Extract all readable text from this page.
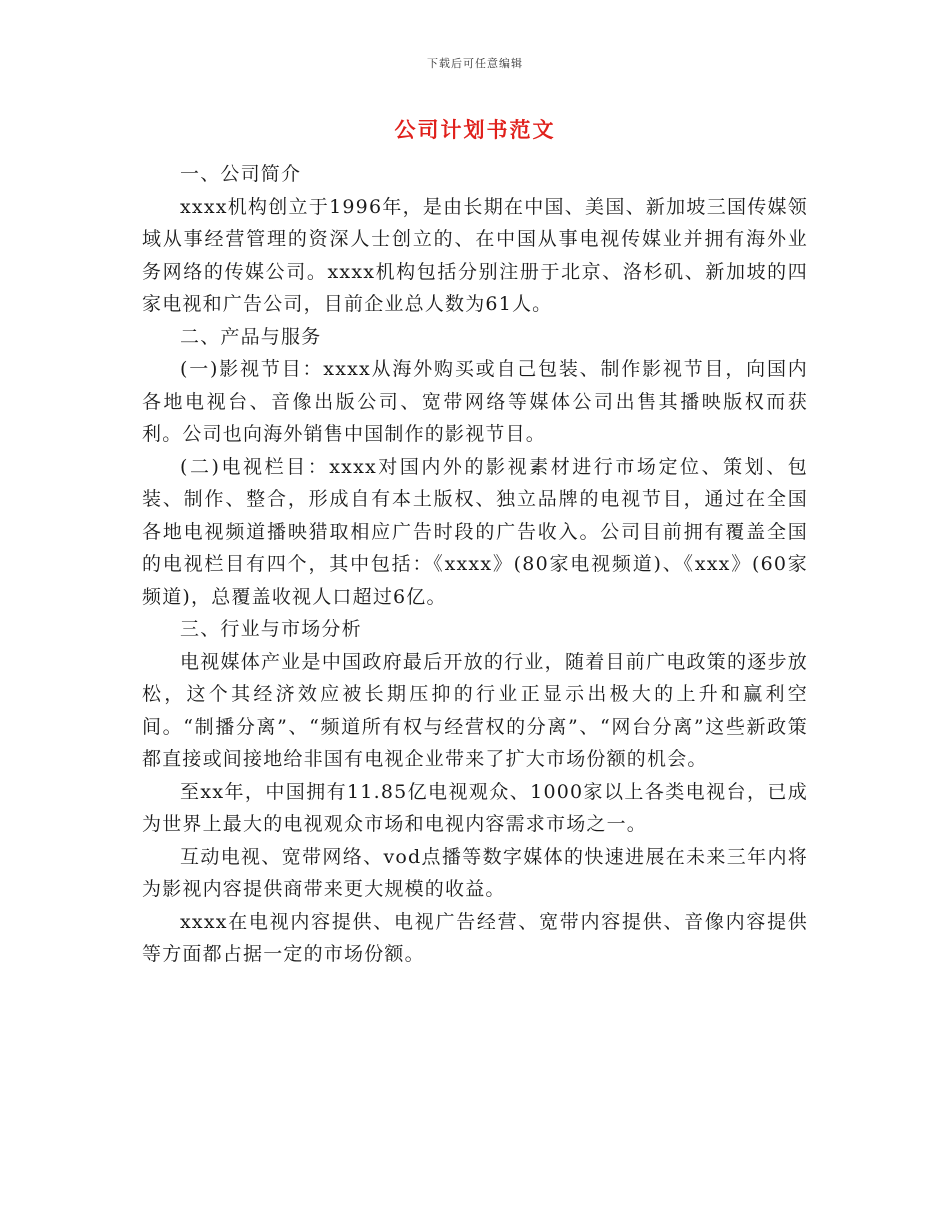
下载后可任意编辑
公司计划书范文

一、公司简介

xxxx机构创立于1996年，是由长期在中国、美国、新加坡三国传媒领域从事经营管理的资深人士创立的、在中国从事电视传媒业并拥有海外业务网络的传媒公司。xxxx机构包括分别注册于北京、洛杉矶、新加坡的四家电视和广告公司，目前企业总人数为61人。

二、产品与服务

(一)影视节目：xxxx从海外购买或自己包装、制作影视节目，向国内各地电视台、音像出版公司、宽带网络等媒体公司出售其播映版权而获利。公司也向海外销售中国制作的影视节目。

(二)电视栏目：xxxx对国内外的影视素材进行市场定位、策划、包装、制作、整合，形成自有本土版权、独立品牌的电视节目，通过在全国各地电视频道播映猎取相应广告时段的广告收入。公司目前拥有覆盖全国的电视栏目有四个，其中包括：《xxxx》(80家电视频道)、《xxx》(60家频道)，总覆盖收视人口超过6亿。

三、行业与市场分析

电视媒体产业是中国政府最后开放的行业，随着目前广电政策的逐步放松，这个其经济效应被长期压抑的行业正显示出极大的上升和赢利空间。“制播分离”、“频道所有权与经营权的分离”、“网台分离”这些新政策都直接或间接地给非国有电视企业带来了扩大市场份额的机会。

至xx年，中国拥有11.85亿电视观众、1000家以上各类电视台，已成为世界上最大的电视观众市场和电视内容需求市场之一。

互动电视、宽带网络、vod点播等数字媒体的快速进展在未来三年内将为影视内容提供商带来更大规模的收益。

xxxx在电视内容提供、电视广告经营、宽带内容提供、音像内容提供等方面都占据一定的市场份额。
